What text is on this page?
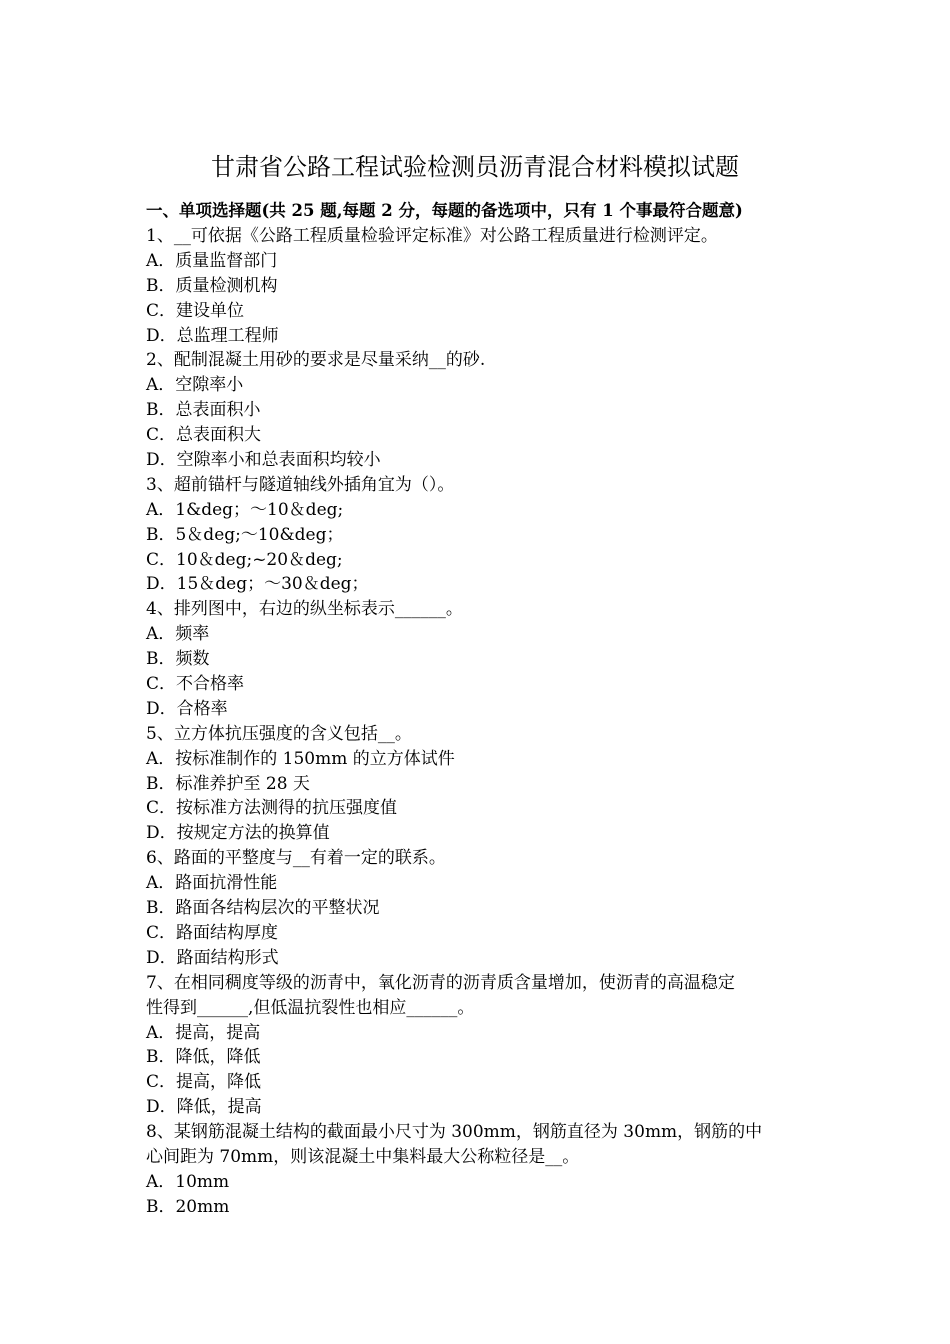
甘肃省公路工程试验检测员沥青混合材料模拟试题
一、单项选择题(共 25 题,每题 2 分，每题的备选项中，只有 1 个事最符合题意)
1、__可依据《公路工程质量检验评定标准》对公路工程质量进行检测评定。
A．质量监督部门
B．质量检测机构
C．建设单位
D．总监理工程师
2、配制混凝土用砂的要求是尽量采纳__的砂.
A．空隙率小
B．总表面积小
C．总表面积大
D．空隙率小和总表面积均较小
3、超前锚杆与隧道轴线外插角宜为（）。
A．1&deg；～10＆deg;
B．5＆deg;～10&deg；
C．10＆deg;~20＆deg;
D．15＆deg；～30＆deg；
4、排列图中，右边的纵坐标表示______。
A．频率
B．频数
C．不合格率
D．合格率
5、立方体抗压强度的含义包括__。
A．按标准制作的 150mm 的立方体试件
B．标准养护至 28 天
C．按标准方法测得的抗压强度值
D．按规定方法的换算值
6、路面的平整度与__有着一定的联系。
A．路面抗滑性能
B．路面各结构层次的平整状况
C．路面结构厚度
D．路面结构形式
7、在相同稠度等级的沥青中，氧化沥青的沥青质含量增加，使沥青的高温稳定
性得到______,但低温抗裂性也相应______。
A．提高，提高
B．降低，降低
C．提高，降低
D．降低，提高
8、某钢筋混凝土结构的截面最小尺寸为 300mm，钢筋直径为 30mm，钢筋的中
心间距为 70mm，则该混凝土中集料最大公称粒径是__。
A．10mm
B．20mm
